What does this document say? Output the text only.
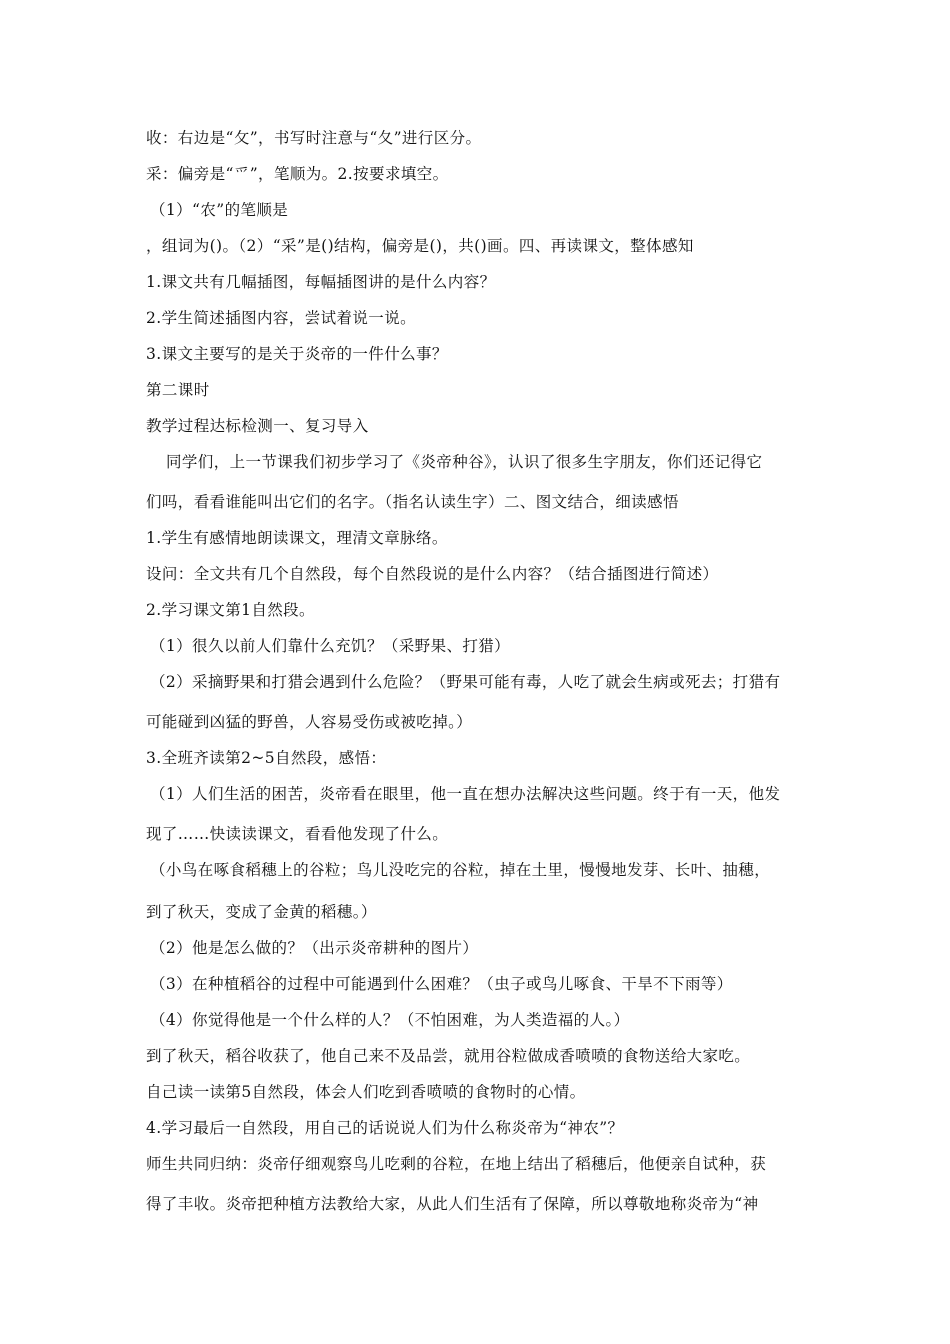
收：右边是“攵”，书写时注意与“夂”进行区分。
采：偏旁是“爫”，笔顺为。2.按要求填空。
（1）“农”的笔顺是
，组词为()。（2）“采”是()结构，偏旁是()，共()画。四、再读课文，整体感知
1.课文共有几幅插图，每幅插图讲的是什么内容？
2.学生简述插图内容，尝试着说一说。
3.课文主要写的是关于炎帝的一件什么事？
第二课时
教学过程达标检测一、复习导入
同学们，上一节课我们初步学习了《炎帝种谷》，认识了很多生字朋友，你们还记得它
们吗，看看谁能叫出它们的名字。（指名认读生字）二、图文结合，细读感悟
1.学生有感情地朗读课文，理清文章脉络。
设问：全文共有几个自然段，每个自然段说的是什么内容？（结合插图进行简述）
2.学习课文第1自然段。
（1）很久以前人们靠什么充饥？（采野果、打猎）
（2）采摘野果和打猎会遇到什么危险？（野果可能有毒，人吃了就会生病或死去；打猎有
可能碰到凶猛的野兽，人容易受伤或被吃掉。）
3.全班齐读第2~5自然段，感悟：
（1）人们生活的困苦，炎帝看在眼里，他一直在想办法解决这些问题。终于有一天，他发
现了……快读读课文，看看他发现了什么。
（小鸟在啄食稻穗上的谷粒；鸟儿没吃完的谷粒，掉在土里，慢慢地发芽、长叶、抽穗，
到了秋天，变成了金黄的稻穗。）
（2）他是怎么做的？（出示炎帝耕种的图片）
（3）在种植稻谷的过程中可能遇到什么困难？（虫子或鸟儿啄食、干旱不下雨等）
（4）你觉得他是一个什么样的人？（不怕困难，为人类造福的人。）
到了秋天，稻谷收获了，他自己来不及品尝，就用谷粒做成香喷喷的食物送给大家吃。
自己读一读第5自然段，体会人们吃到香喷喷的食物时的心情。
4.学习最后一自然段，用自己的话说说人们为什么称炎帝为“神农”？
师生共同归纳：炎帝仔细观察鸟儿吃剩的谷粒，在地上结出了稻穗后，他便亲自试种，获
得了丰收。炎帝把种植方法教给大家，从此人们生活有了保障，所以尊敬地称炎帝为“神
